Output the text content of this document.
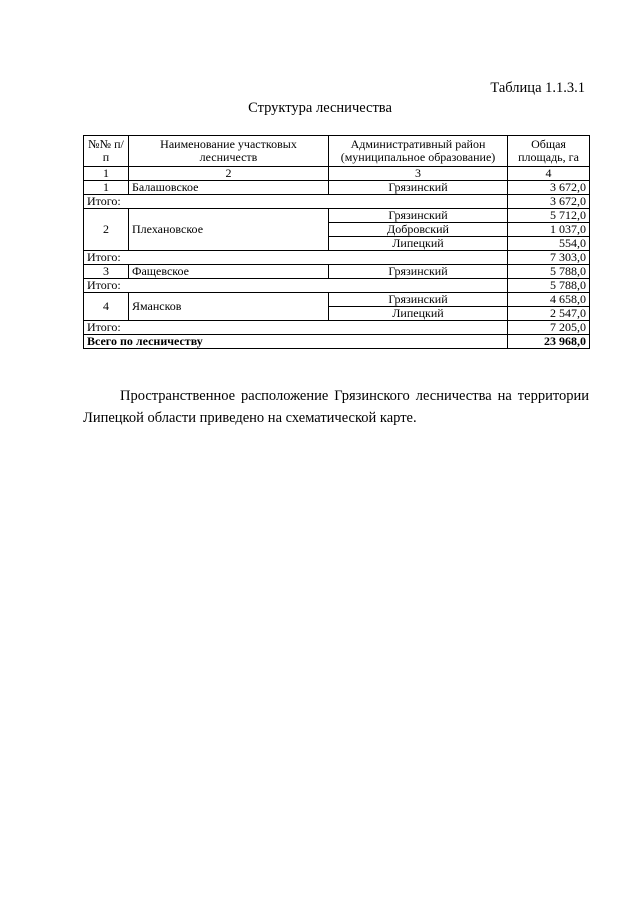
Таблица 1.1.3.1
Структура лесничества
№№ п/п	Наименование участковых лесничеств	Административный район (муниципальное образование)	Общая площадь, га
1	2	3	4
1	Балашовское	Грязинский	3 672,0
Итого:			3 672,0
2	Плехановское	Грязинский	5 712,0
		Добровский	1 037,0
		Липецкий	554,0
Итого:			7 303,0
3	Фащевское	Грязинский	5 788,0
Итого:			5 788,0
4	Ямансков	Грязинский	4 658,0
		Липецкий	2 547,0
Итого:			7 205,0
Всего по лесничеству			23 968,0

Пространственное расположение Грязинского лесничества на территории Липецкой области приведено на схематической карте.
